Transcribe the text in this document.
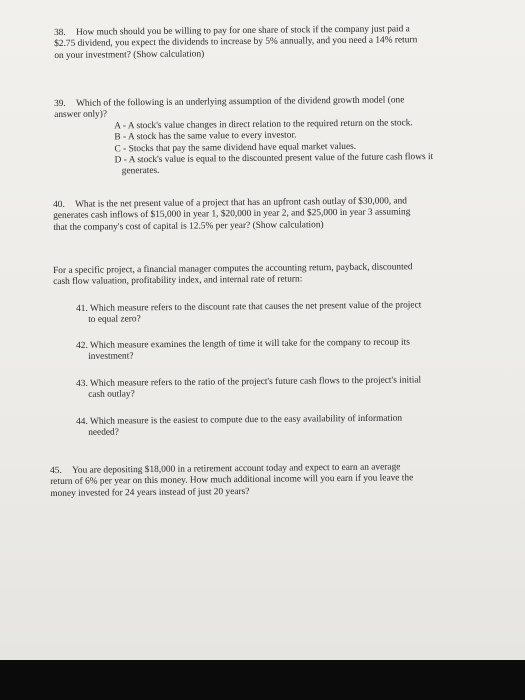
38. How much should you be willing to pay for one share of stock if the company just paid a
$2.75 dividend, you expect the dividends to increase by 5% annually, and you need a 14% return
on your investment? (Show calculation)
39. Which of the following is an underlying assumption of the dividend growth model (one
answer only)?
A - A stock's value changes in direct relation to the required return on the stock.
B - A stock has the same value to every investor.
C - Stocks that pay the same dividend have equal market values.
D - A stock's value is equal to the discounted present value of the future cash flows it
generates.
40. What is the net present value of a project that has an upfront cash outlay of $30,000, and
generates cash inflows of $15,000 in year 1, $20,000 in year 2, and $25,000 in year 3 assuming
that the company's cost of capital is 12.5% per year? (Show calculation)
For a specific project, a financial manager computes the accounting return, payback, discounted
cash flow valuation, profitability index, and internal rate of return:
41. Which measure refers to the discount rate that causes the net present value of the project
to equal zero?
42. Which measure examines the length of time it will take for the company to recoup its
investment?
43. Which measure refers to the ratio of the project's future cash flows to the project's initial
cash outlay?
44. Which measure is the easiest to compute due to the easy availability of information
needed?
45. You are depositing $18,000 in a retirement account today and expect to earn an average
return of 6% per year on this money. How much additional income will you earn if you leave the
money invested for 24 years instead of just 20 years?
